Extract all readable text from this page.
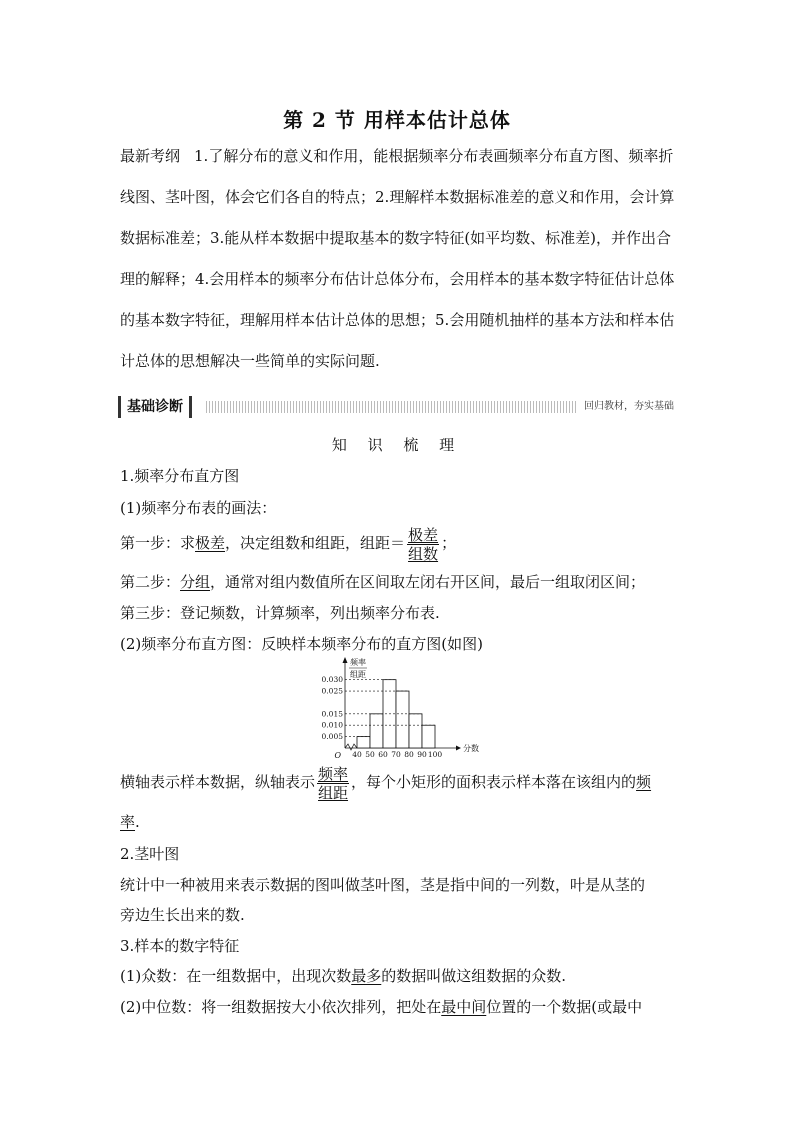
第 2 节 用样本估计总体

最新考纲 1.了解分布的意义和作用，能根据频率分布表画频率分布直方图、频率折线图、茎叶图，体会它们各自的特点；2.理解样本数据标准差的意义和作用，会计算数据标准差；3.能从样本数据中提取基本的数字特征(如平均数、标准差)，并作出合理的解释；4.会用样本的频率分布估计总体分布，会用样本的基本数字特征估计总体的基本数字特征，理解用样本估计总体的思想；5.会用随机抽样的基本方法和样本估计总体的思想解决一些简单的实际问题.

基础诊断	回归教材，夯实基础
知 识 梳 理

1.频率分布直方图

(1)频率分布表的画法：

第一步：求极差，决定组数和组距，组距＝ $\frac{\text{极差}}{\text{组数}}$ ；

第二步：分组，通常对组内数值所在区间取左闭右开区间，最后一组取闭区间；

第三步：登记频数，计算频率，列出频率分布表.

(2)频率分布直方图：反映样本频率分布的直方图(如图)

0.005
0.010
0.015
0.025
0.030
40 50 60 70 80 90 100
O
分数
频率
组距

横轴表示样本数据，纵轴表示 $\frac{\text{频率}}{\text{组距}}$ ，每个小矩形的面积表示样本落在该组内的频

率.

2.茎叶图

统计中一种被用来表示数据的图叫做茎叶图，茎是指中间的一列数，叶是从茎的

旁边生长出来的数.

3.样本的数字特征

(1)众数：在一组数据中，出现次数最多的数据叫做这组数据的众数.

(2)中位数：将一组数据按大小依次排列，把处在最中间位置的一个数据(或最中
